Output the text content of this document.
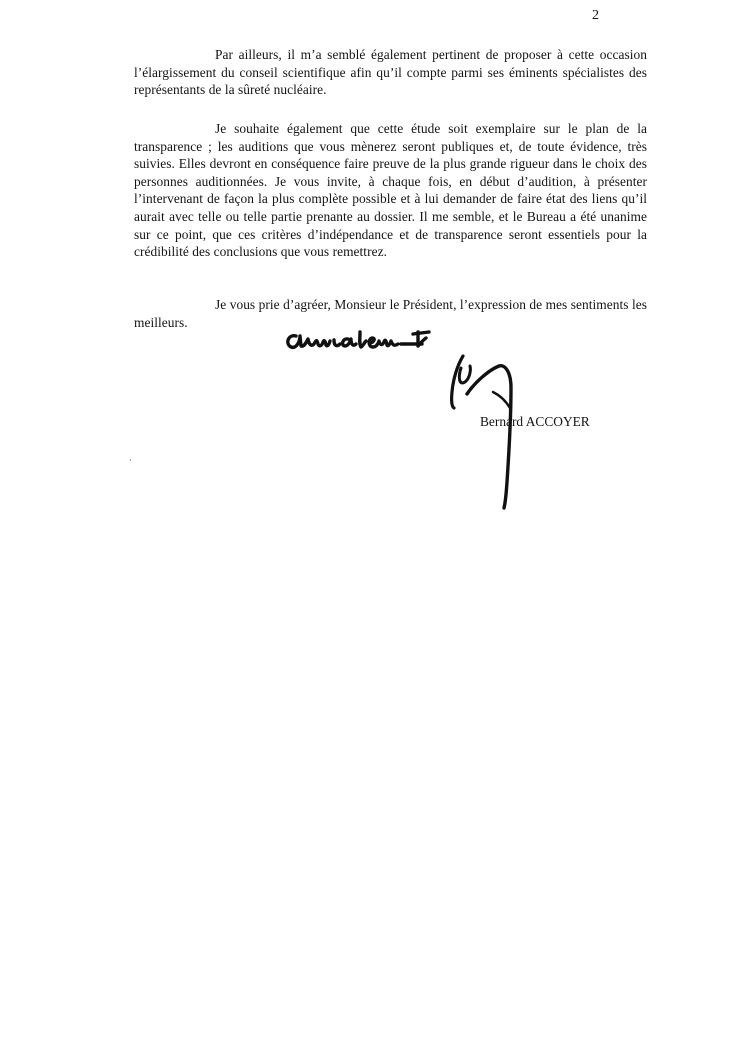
2

Par ailleurs, il m’a semblé également pertinent de proposer à cette occasion l’élargissement du conseil scientifique afin qu’il compte parmi ses éminents spécialistes des représentants de la sûreté nucléaire.

Je souhaite également que cette étude soit exemplaire sur le plan de la transparence ; les auditions que vous mènerez seront publiques et, de toute évidence, très suivies. Elles devront en conséquence faire preuve de la plus grande rigueur dans le choix des personnes auditionnées. Je vous invite, à chaque fois, en début d’audition, à présenter l’intervenant de façon la plus complète possible et à lui demander de faire état des liens qu’il aurait avec telle ou telle partie prenante au dossier. Il me semble, et le Bureau a été unanime sur ce point, que ces critères d’indépendance et de transparence seront essentiels pour la crédibilité des conclusions que vous remettrez.

Je vous prie d’agréer, Monsieur le Président, l’expression de mes sentiments les meilleurs.

Bernard ACCOYER
